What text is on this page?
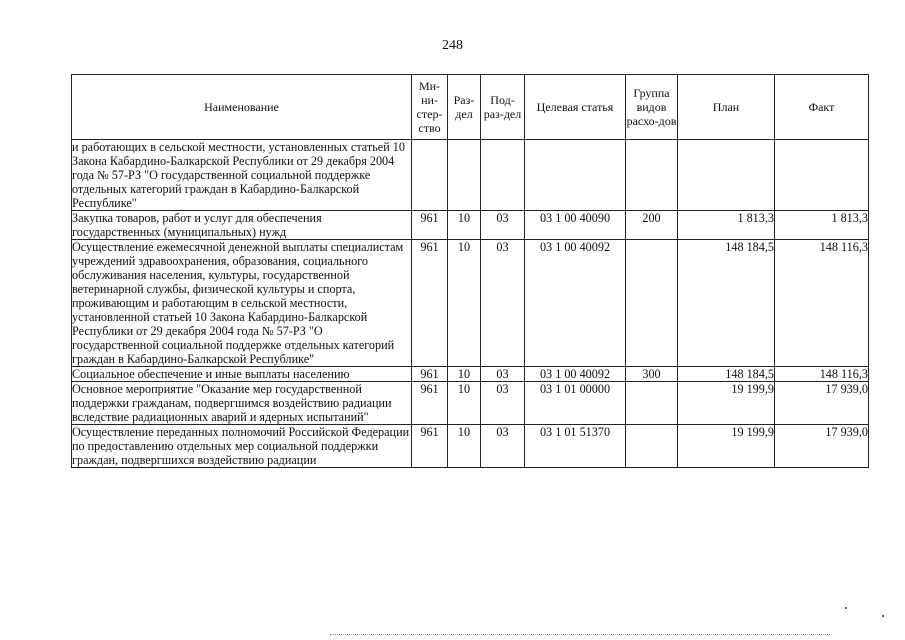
248
Наименование	Ми-ни-стер-ство	Раз-дел	Под-раз-дел	Целевая статья	Группа видов расхо-дов	План	Факт
и работающих в сельской местности, установленных статьей 10 Закона Кабардино-Балкарской Республики от 29 декабря 2004 года № 57-РЗ "О государственной социальной поддержке отдельных категорий граждан в Кабардино-Балкарской Республике"							
Закупка товаров, работ и услуг для обеспечения государственных (муниципальных) нужд	961	10	03	03 1 00 40090	200	1 813,3	1 813,3
Осуществление ежемесячной денежной выплаты специалистам учреждений здравоохранения, образования, социального обслуживания населения, культуры, государственной ветеринарной службы, физической культуры и спорта, проживающим и работающим в сельской местности, установленной статьей 10 Закона Кабардино-Балкарской Республики от 29 декабря 2004 года № 57-РЗ "О государственной социальной поддержке отдельных категорий граждан в Кабардино-Балкарской Республике"	961	10	03	03 1 00 40092		148 184,5	148 116,3
Социальное обеспечение и иные выплаты населению	961	10	03	03 1 00 40092	300	148 184,5	148 116,3
Основное мероприятие "Оказание мер государственной поддержки гражданам, подвергшимся воздействию радиации вследствие радиационных аварий и ядерных испытаний"	961	10	03	03 1 01 00000		19 199,9	17 939,0
Осуществление переданных полномочий Российской Федерации по предоставлению отдельных мер социальной поддержки граждан, подвергшихся воздействию радиации	961	10	03	03 1 01 51370		19 199,9	17 939,0
